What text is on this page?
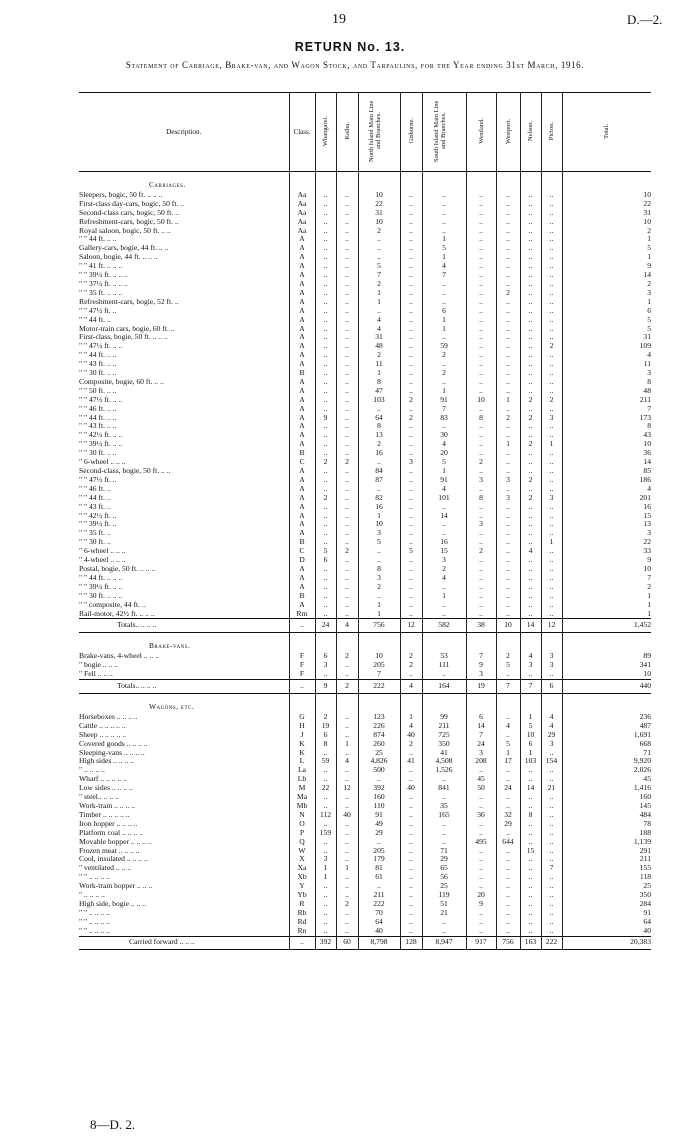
19	D.—2.
RETURN No. 13.
Statement of Carriage, Brake-van, and Wagon Stock, and Tarpaulins, for the Year ending 31st March, 1916.
Description.	Class.	Whangarei.	Kaihu.	North Island Main Line and Branches.	Gisborne.	South Island Main Line and Branches.	Westland.	Westport.	Nelson.	Picton.	Total.
Carriages.											
Sleepers, bogic, 50 ft. .. .. ..	Aa	..	..	10	..	..	..	..	..	..	10
First-class day-cars, bogic, 50 ft. ..	Aa	..	..	22	..	..	..	..	..	..	22
Second-class cars, bogic, 50 ft. ..	Aa	..	..	31	..	..	..	..	..	..	31
Refreshment-cars, bogic, 50 ft. ..	Aa	..	..	10	..	..	..	..	..	..	10
Royal saloon, bogic, 50 ft. .. ..	Aa	..	..	2	..	..	..	..	..	..	2
" " 44 ft. .. ..	A	..	..	..	..	1	..	..	..	..	1
Gallery-cars, bogie, 44 ft. .. ..	A	..	..	..	..	5	..	..	..	..	5
Saloon, bogie, 44 ft. .. .. ..	A	..	..	..	..	1	..	..	..	..	1
" " 41 ft. .. .. ..	A	..	..	5	..	4	..	..	..	..	9
" " 39½ ft. .. .. ..	A	..	..	7	..	7	..	..	..	..	14
" " 37½ ft. .. .. ..	A	..	..	2	..	..	..	..	..	..	2
" " 35 ft. .. .. ..	A	..	..	1	..	..	..	2	..	..	3
Refreshment-cars, bogie, 52 ft. ..	A	..	..	1	..	..	..	..	..	..	1
" " 47½ ft. ..	A	..	..	..	..	6	..	..	..	..	6
" " 44 ft. ..	A	..	..	4	..	1	..	..	..	..	5
Motor-train cars, bogie, 60 ft. ..	A	..	..	4	..	1	..	..	..	..	5
First-class, bogie, 50 ft. .. .. ..	A	..	..	31	..	..	..	..	..	..	31
" " 47½ ft. .. ..	A	..	..	48	..	59	..	..	..	2	109
" " 44 ft. .. ..	A	..	..	2	..	2	..	..	..	..	4
" " 43 ft. .. ..	A	..	..	11	..	..	..	..	..	..	11
" " 30 ft. .. ..	B	..	..	1	..	2	..	..	..	..	3
Composite, bogie, 60 ft. .. ..	A	..	..	8	..	..	..	..	..	..	8
" " 50 ft. .. ..	A	..	..	47	..	1	..	..	..	..	48
" " 47½ ft. .. ..	A	..	..	103	2	91	10	1	2	2	211
" " 46 ft. .. ..	A	..	..	..	..	7	..	..	..	..	7
" " 44 ft. .. ..	A	9	..	64	2	83	8	2	2	3	173
" " 43 ft. .. ..	A	..	..	8	..	..	..	..	..	..	8
" " 42½ ft. .. ..	A	..	..	13	..	30	..	..	..	..	43
" " 39½ ft. .. ..	A	..	..	2	..	4	..	1	2	1	10
" " 30 ft. .. ..	B	..	..	16	..	20	..	..	..	..	36
" 6-wheel .. .. ..	C	2	2	..	3	5	2	..	..	..	14
Second-class, bogie, 50 ft. .. ..	A	..	..	84	..	1	..	..	..	..	85
" " 47½ ft. ..	A	..	..	87	..	91	3	3	2	..	186
" " 46 ft. ..	A	..	..	..	..	4	..	..	..	..	4
" " 44 ft. ..	A	2	..	82	..	101	8	3	2	3	201
" " 43 ft. ..	A	..	..	16	..	..	..	..	..	..	16
" " 42½ ft. ..	A	..	..	1	..	14	..	..	..	..	15
" " 39½ ft. ..	A	..	..	10	..	..	3	..	..	..	13
" " 35 ft. ..	A	..	..	3	..	..	..	..	..	..	3
" " 30 ft. ..	B	..	..	5	..	16	..	..	..	1	22
" 6-wheel .. .. ..	C	5	2	..	5	15	2	..	4	..	33
" 4-wheel .. .. ..	D	6	..	..	..	3	..	..	..	..	9
Postal, bogie, 50 ft. .. .. ..	A	..	..	8	..	2	..	..	..	..	10
" " 44 ft. .. .. ..	A	..	..	3	..	4	..	..	..	..	7
" " 39½ ft. .. ..	A	..	..	2	..	..	..	..	..	..	2
" " 30 ft. .. .. ..	B	..	..	..	..	1	..	..	..	..	1
" " composite, 44 ft. ..	A	..	..	1	..	..	..	..	..	..	1
Rail-motor, 42½ ft. .. .. ..	Rm	..	..	1	..	..	..	..	..	..	1
Totals.. .. .. ..	..	24	4	756	12	582	38	10	14	12	1,452
Brake-vans.											
Brake-vans, 4-wheel .. .. ..	F	6	2	10	2	53	7	2	4	3	89
" bogie .. .. ..	F	3	..	205	2	111	9	5	3	3	341
" Fell .. .. ..	F	..	..	7	..	..	3	..	..	..	10
Totals.. .. .. ..	..	9	2	222	4	164	19	7	7	6	440
Wagons, etc.											
Horseboxes .. .. .. ..	G	2	..	123	1	99	6	..	1	4	236
Cattle .. .. .. .. ..	H	19	..	226	4	211	14	4	5	4	487
Sheep .. .. .. .. ..	J	6	..	874	40	725	7	..	10	29	1,691
Covered goods .. .. .. ..	K	8	1	260	2	350	24	5	6	3	668
Sleeping-vans .. .. .. ..	K	..	..	25	..	41	3	1	1	..	71
High sides .. .. .. ..	L	59	4	4,826	41	4,508	208	17	103	154	9,920
" .. .. .. ..	La	..	..	500	..	1,526	..	..	..	..	2,026
Wharf .. .. .. .. ..	Lb	..	..	..	..	..	45	..	..	..	45
Low sides .. .. .. ..	M	22	12	392	40	841	50	24	14	21	1,416
" steel.. .. .. ..	Ma	..	..	160	..	..	..	..	..	..	160
Work-train .. .. .. ..	Mb	..	..	110	..	35	..	..	..	..	145
Timber .. .. .. .. ..	N	112	40	91	..	165	36	32	8	..	484
Iron hopper .. .. .. ..	O	..	..	49	..	..	..	29	..	..	78
Platform coal .. .. .. ..	P	159	..	29	..	..	..	..	..	..	188
Movable hopper .. .. .. ..	Q	..	..	..	..	..	495	644	..	..	1,139
Frozen meat .. .. .. ..	W	..	..	205	..	71	..	..	15	..	291
Cool, insulated .. .. .. ..	X	3	..	179	..	29	..	..	..	..	211
" ventilated .. .. ..	Xa	1	1	81	..	65	..	..	..	7	155
" " .. .. .. ..	Xb	1	..	61	..	56	..	..	..	..	118
Work-train hopper .. .. ..	Y	..	..	..	..	25	..	..	..	..	25
" .. .. .. ..	Yb	..	..	211	..	119	20	..	..	..	350
High side, bogie .. .. ..	R	..	2	222	..	51	9	..	..	..	284
" " .. .. .. ..	Rb	..	..	70	..	21	..	..	..	..	91
" " .. .. .. ..	Rd	..	..	64	..	..	..	..	..	..	64
" " .. .. .. ..	Rn	..	..	40	..	..	..	..	..	..	40
Carried forward .. .. ..	..	392	60	8,798	128	8,947	917	756	163	222	20,383
8—D. 2.
